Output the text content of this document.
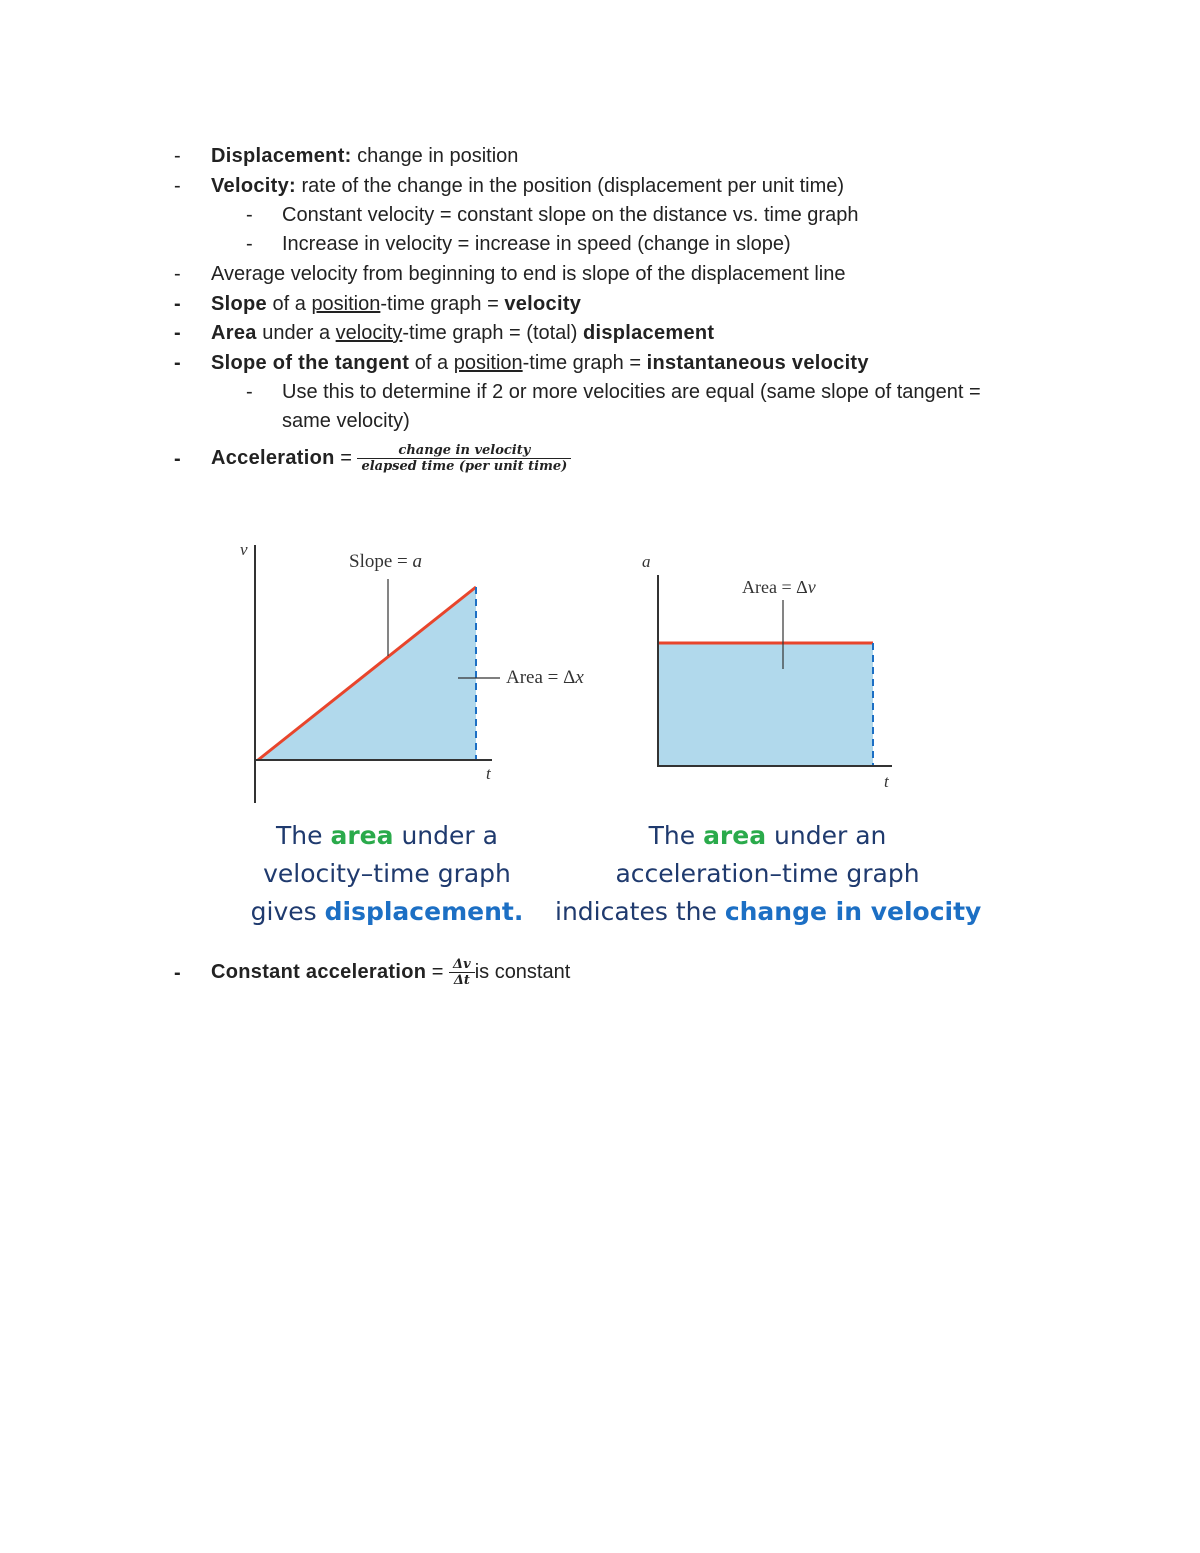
-
-
-
-
-
-
-
-
-
-
-
Displacement: change in position
Velocity: rate of the change in the position (displacement per unit time)
Constant velocity = constant slope on the distance vs. time graph
Increase in velocity = increase in speed (change in slope)
Average velocity from beginning to end is slope of the displacement line
Slope of a position-time graph = velocity
Area under a velocity-time graph = (total) displacement
Slope of the tangent of a position-time graph = instantaneous velocity
Use this to determine if 2 or more velocities are equal (same slope of tangent =
same velocity)
Acceleration = $\frac{\text{change in velocity}}{\text{elapsed time (per unit time)}}$
v
t
Slope = a
Area = Δx
a
t
Area = Δv
The area under a
velocity–time graph
gives displacement.
The area under an
acceleration–time graph
indicates the change in velocity
Constant acceleration = $\frac{\Delta v}{\Delta t}$ is constant
